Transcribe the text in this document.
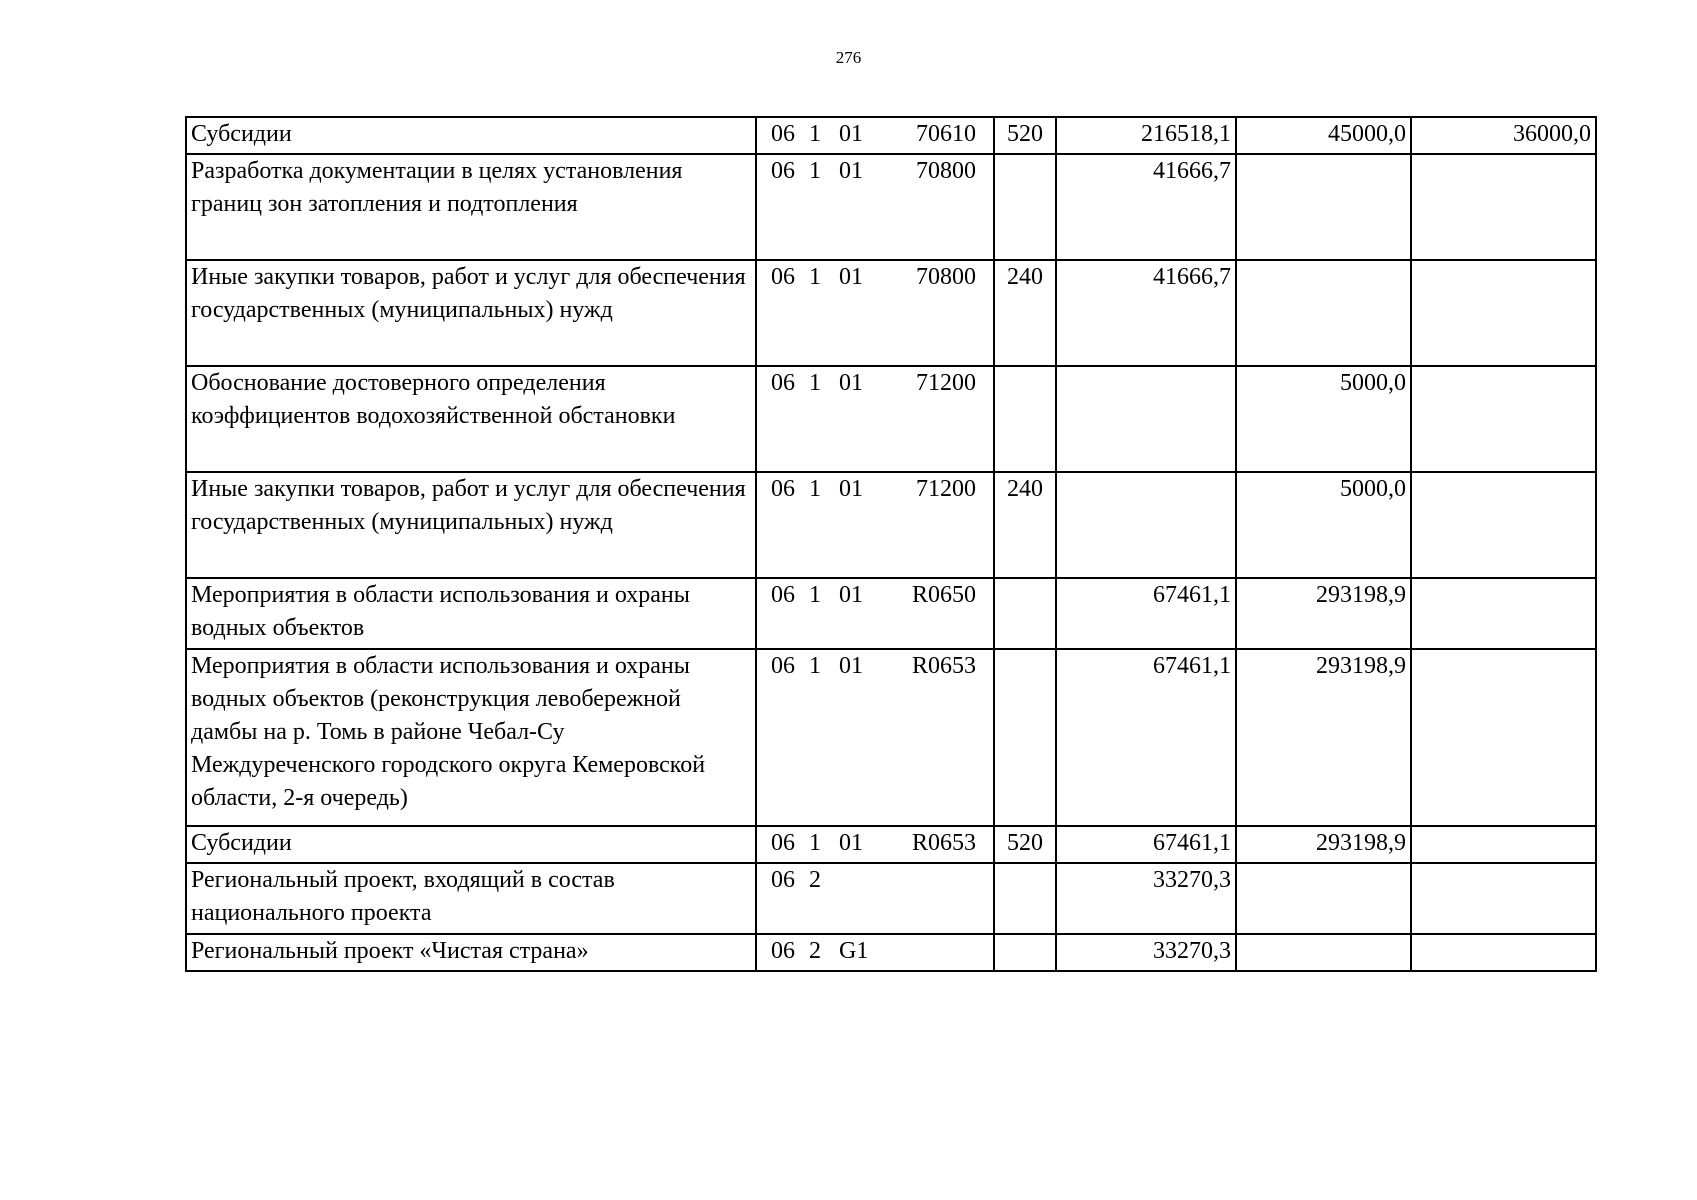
276
Субсидии	06 1 01 70610	520	216518,1	45000,0	36000,0
Разработка документации в целях установления границ зон затопления и подтопления	06 1 01 70800		41666,7		
Иные закупки товаров, работ и услуг для обеспечения государственных (муниципальных) нужд	06 1 01 70800	240	41666,7		
Обоснование достоверного определения коэффициентов водохозяйственной обстановки	06 1 01 71200			5000,0	
Иные закупки товаров, работ и услуг для обеспечения государственных (муниципальных) нужд	06 1 01 71200	240		5000,0	
Мероприятия в области использования и охраны водных объектов	06 1 01 R0650		67461,1	293198,9	
Мероприятия в области использования и охраны водных объектов (реконструкция левобережной дамбы на р. Томь в районе Чебал-Су Междуреченского городского округа Кемеровской области, 2-я очередь)	06 1 01 R0653		67461,1	293198,9	
Субсидии	06 1 01 R0653	520	67461,1	293198,9	
Региональный проект, входящий в состав национального проекта	06 2		33270,3		
Региональный проект «Чистая страна»	06 2 G1		33270,3		
